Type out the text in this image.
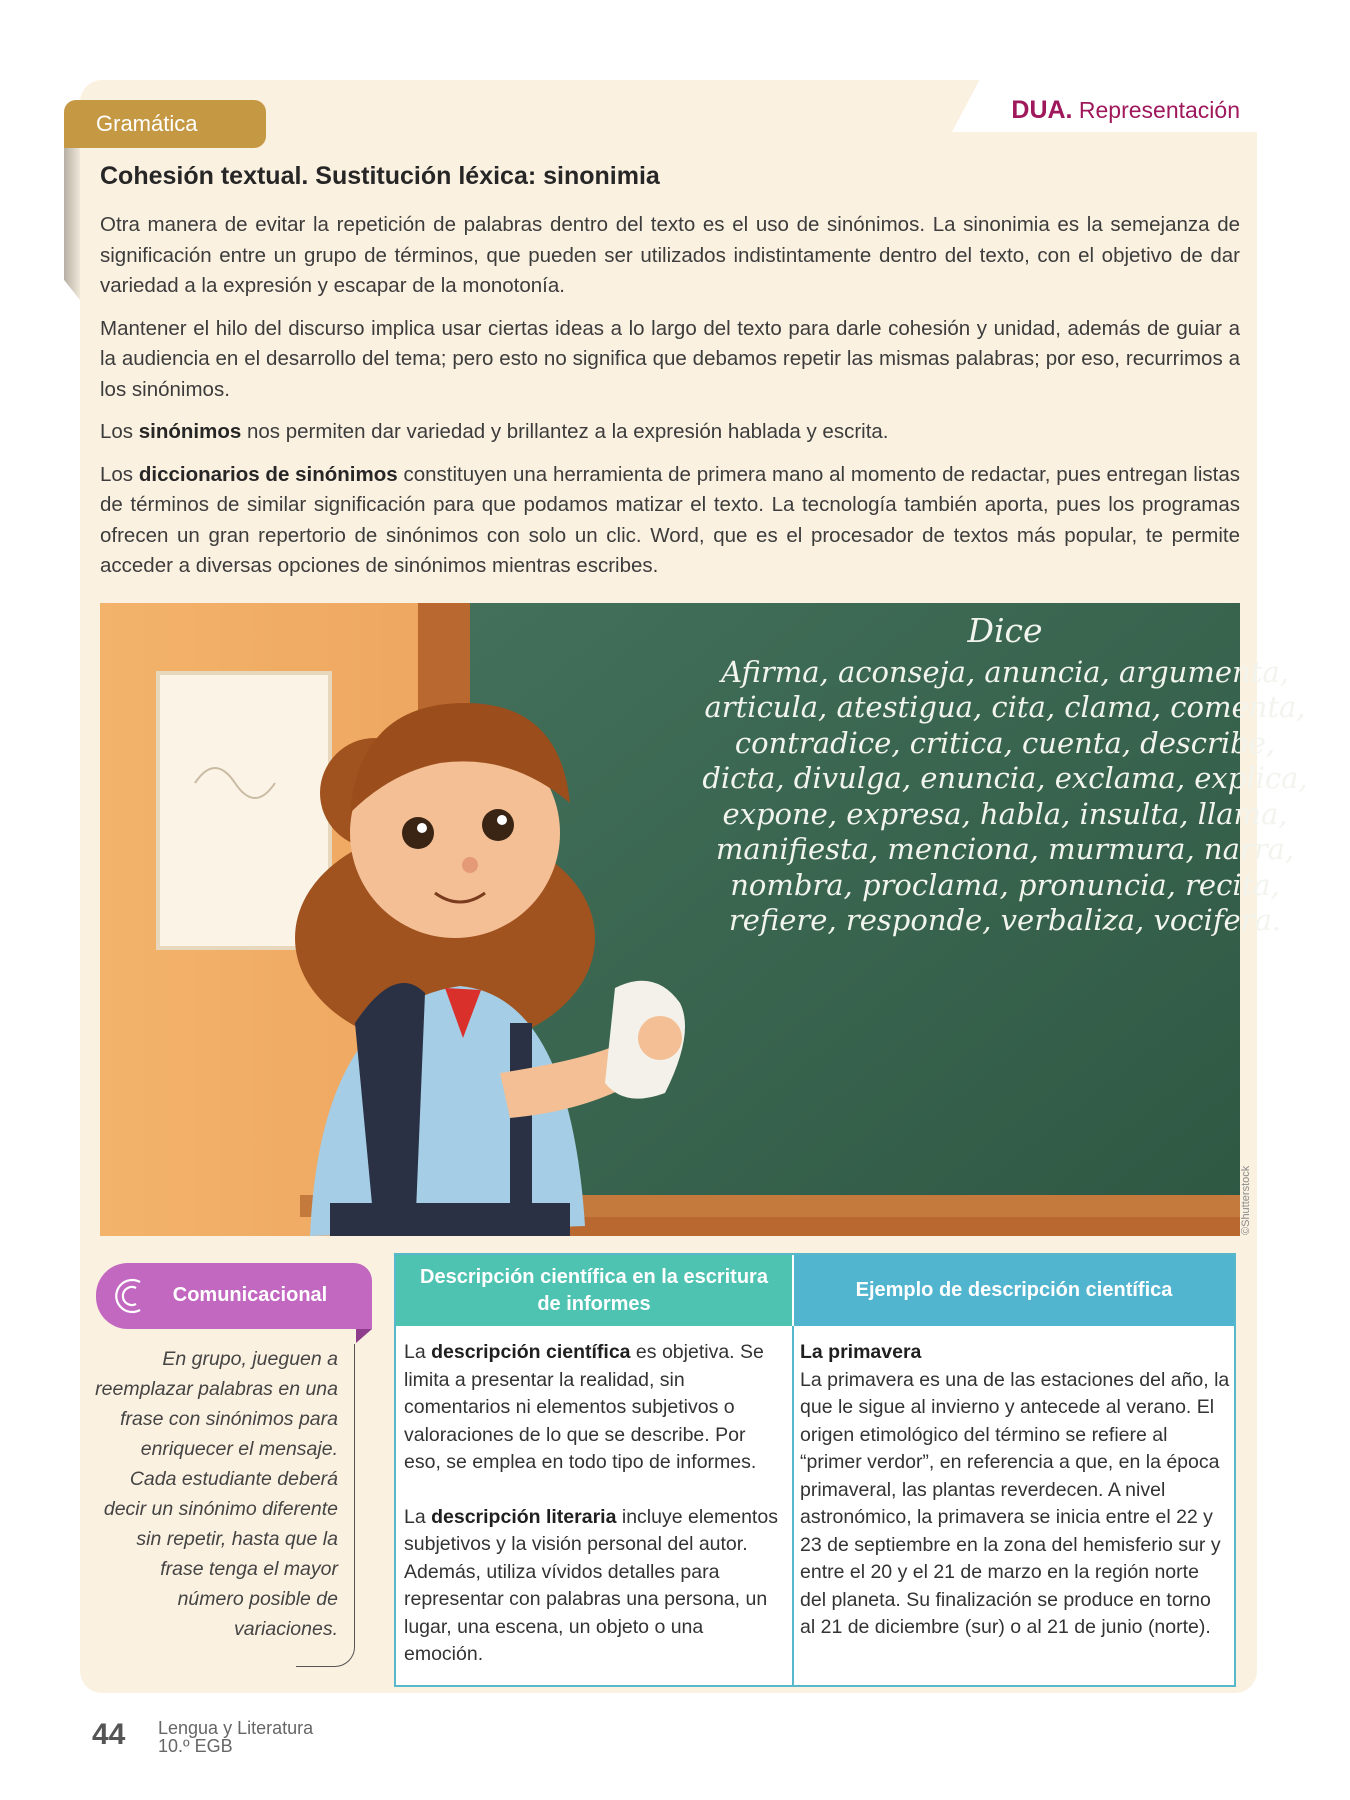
DUA. Representación
Gramática
Cohesión textual. Sustitución léxica: sinonimia

Otra manera de evitar la repetición de palabras dentro del texto es el uso de sinónimos. La sinonimia es la semejanza de significación entre un grupo de términos, que pueden ser utilizados indistintamente dentro del texto, con el objetivo de dar variedad a la expresión y escapar de la monotonía.

Mantener el hilo del discurso implica usar ciertas ideas a lo largo del texto para darle cohesión y unidad, además de guiar a la audiencia en el desarrollo del tema; pero esto no significa que debamos repetir las mismas palabras; por eso, recurrimos a los sinónimos.

Los sinónimos nos permiten dar variedad y brillantez a la expresión hablada y escrita.

Los diccionarios de sinónimos constituyen una herramienta de primera mano al momento de redactar, pues entregan listas de términos de similar significación para que podamos matizar el texto. La tecnología también aporta, pues los programas ofrecen un gran repertorio de sinónimos con solo un clic. Word, que es el procesador de textos más popular, te permite acceder a diversas opciones de sinónimos mientras escribes.

Dice
Afirma, aconseja, anuncia, argumenta, articula, atestigua, cita, clama, comenta, contradice, critica, cuenta, describe, dicta, divulga, enuncia, exclama, explica, expone, expresa, habla, insulta, llama, manifiesta, menciona, murmura, narra, nombra, proclama, pronuncia, recita, refiere, responde, verbaliza, vocifera.
©Shutterstock
Comunicacional
En grupo, jueguen a reemplazar palabras en una frase con sinónimos para enriquecer el mensaje. Cada estudiante deberá decir un sinónimo diferente sin repetir, hasta que la frase tenga el mayor número posible de variaciones.
Descripción científica en la escritura de informes
Ejemplo de descripción científica

La descripción científica es objetiva. Se limita a presentar la realidad, sin comentarios ni elementos subjetivos o valoraciones de lo que se describe. Por eso, se emplea en todo tipo de informes.

La descripción literaria incluye elementos subjetivos y la visión personal del autor. Además, utiliza vívidos detalles para representar con palabras una persona, un lugar, una escena, un objeto o una emoción.

La primavera

La primavera es una de las estaciones del año, la que le sigue al invierno y antecede al verano. El origen etimológico del término se refiere al “primer verdor”, en referencia a que, en la época primaveral, las plantas reverdecen. A nivel astronómico, la primavera se inicia entre el 22 y 23 de septiembre en la zona del hemisferio sur y entre el 20 y el 21 de marzo en la región norte del planeta. Su finalización se produce en torno al 21 de diciembre (sur) o al 21 de junio (norte).

44 Lengua y Literatura
10.º EGB
